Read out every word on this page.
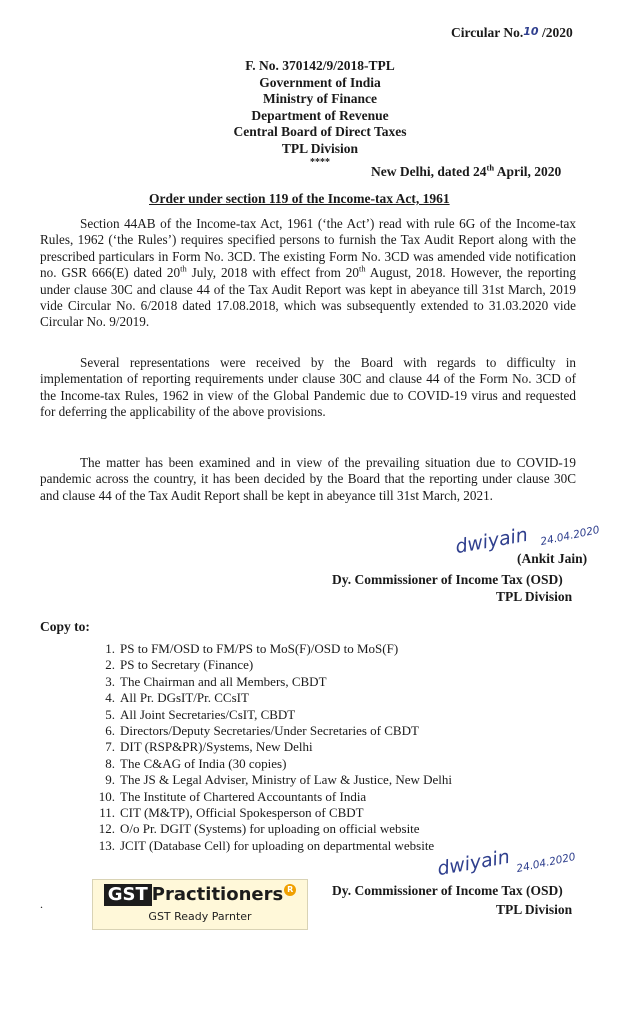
Circular No.$^{10}$ /2020
F. No. 370142/9/2018-TPL
Government of India
Ministry of Finance
Department of Revenue
Central Board of Direct Taxes
TPL Division
****
New Delhi, dated 24th April, 2020
Order under section 119 of the Income-tax Act, 1961

Section 44AB of the Income-tax Act, 1961 (‘the Act’) read with rule 6G of the Income-tax Rules, 1962 (‘the Rules’) requires specified persons to furnish the Tax Audit Report along with the prescribed particulars in Form No. 3CD. The existing Form No. 3CD was amended vide notification no. GSR 666(E) dated 20th July, 2018 with effect from 20th August, 2018. However, the reporting under clause 30C and clause 44 of the Tax Audit Report was kept in abeyance till 31st March, 2019 vide Circular No. 6/2018 dated 17.08.2018, which was subsequently extended to 31.03.2020 vide Circular No. 9/2019.

Several representations were received by the Board with regards to difficulty in implementation of reporting requirements under clause 30C and clause 44 of the Form No. 3CD of the Income-tax Rules, 1962 in view of the Global Pandemic due to COVID-19 virus and requested for deferring the applicability of the above provisions.

The matter has been examined and in view of the prevailing situation due to COVID-19 pandemic across the country, it has been decided by the Board that the reporting under clause 30C and clause 44 of the Tax Audit Report shall be kept in abeyance till 31st March, 2021.

dwiyain 24.04.2020
(Ankit Jain)
Dy. Commissioner of Income Tax (OSD)
TPL Division
Copy to:
1. PS to FM/OSD to FM/PS to MoS(F)/OSD to MoS(F)
2. PS to Secretary (Finance)
3. The Chairman and all Members, CBDT
4. All Pr. DGsIT/Pr. CCsIT
5. All Joint Secretaries/CsIT, CBDT
6. Directors/Deputy Secretaries/Under Secretaries of CBDT
7. DIT (RSP&PR)/Systems, New Delhi
8. The C&AG of India (30 copies)
9. The JS & Legal Adviser, Ministry of Law & Justice, New Delhi
10. The Institute of Chartered Accountants of India
11. CIT (M&TP), Official Spokesperson of CBDT
12. O/o Pr. DGIT (Systems) for uploading on official website
13. JCIT (Database Cell) for uploading on departmental website
dwiyain 24.04.2020
Dy. Commissioner of Income Tax (OSD)
TPL Division
.	GST Practitioners R
GST Ready Parnter
